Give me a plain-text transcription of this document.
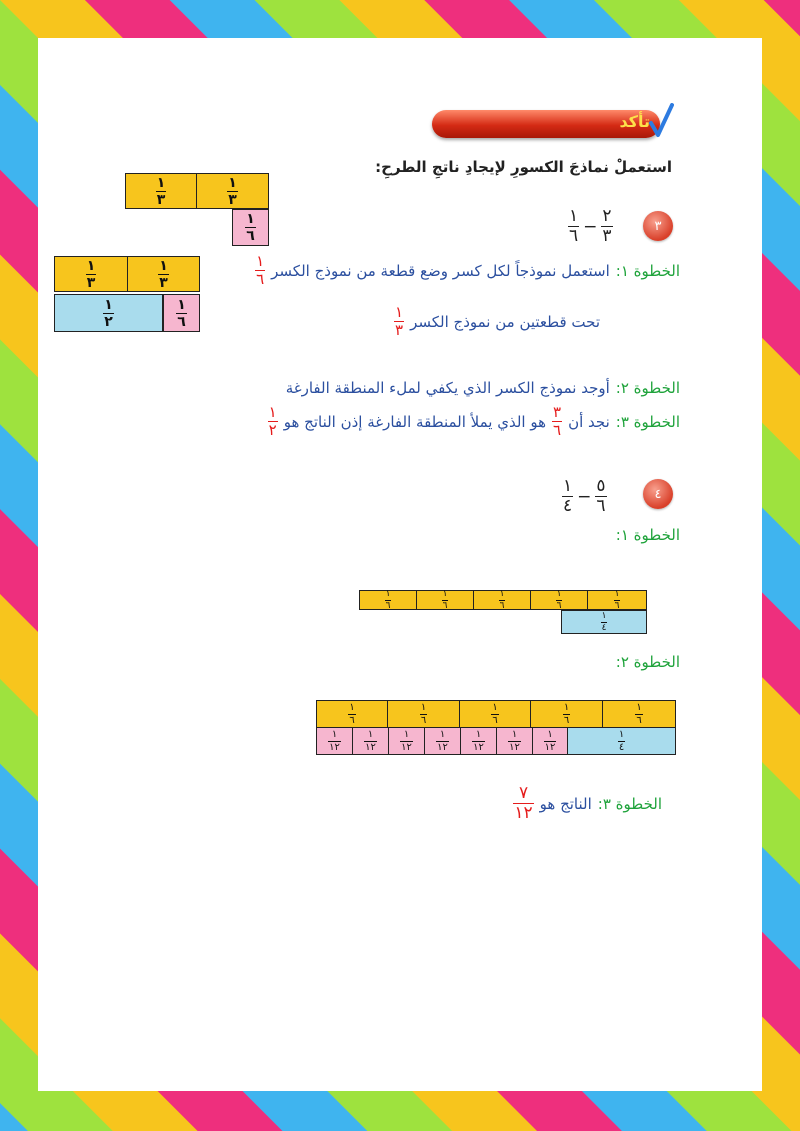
تأكد
استعملْ نماذجَ الكسورِ لإيجادِ ناتجِ الطرحِ:
$\frac{١}{٣}$	$\frac{١}{٣}$
$\frac{١}{٦}$	٣
$\frac{١}{٦} - \frac{٢}{٣}$
$\frac{١}{٣}$	$\frac{١}{٣}$
$\frac{١}{٢}$	$\frac{١}{٦}$
الخطوة ١:
استعمل نموذجاً لكل كسر وضع قطعة من نموذج الكسر
$\frac{١}{٦}$
تحت قطعتين من نموذج الكسر
$\frac{١}{٣}$
الخطوة ٢:
أوجد نموذج الكسر الذي يكفي لملء المنطقة الفارغة
الخطوة ٣:
نجد أن
$\frac{٣}{٦}$
هو الذي يملأ المنطقة الفارغة إذن الناتج هو
$\frac{١}{٢}$
٤
$\frac{١}{٤} - \frac{٥}{٦}$
الخطوة ١:
$\frac{١}{٦}$	$\frac{١}{٦}$	$\frac{١}{٦}$	$\frac{١}{٦}$	$\frac{١}{٦}$
$\frac{١}{٤}$
الخطوة ٢:
$\frac{١}{٦}$	$\frac{١}{٦}$	$\frac{١}{٦}$	$\frac{١}{٦}$	$\frac{١}{٦}$
$\frac{١}{١٢} \frac{١}{١٢} \frac{١}{١٢} \frac{١}{١٢} \frac{١}{١٢} \frac{١}{١٢} \frac{١}{١٢}$	$\frac{١}{٤}$
الخطوة ٣:
الناتج هو
$\frac{٧}{١٢}$
